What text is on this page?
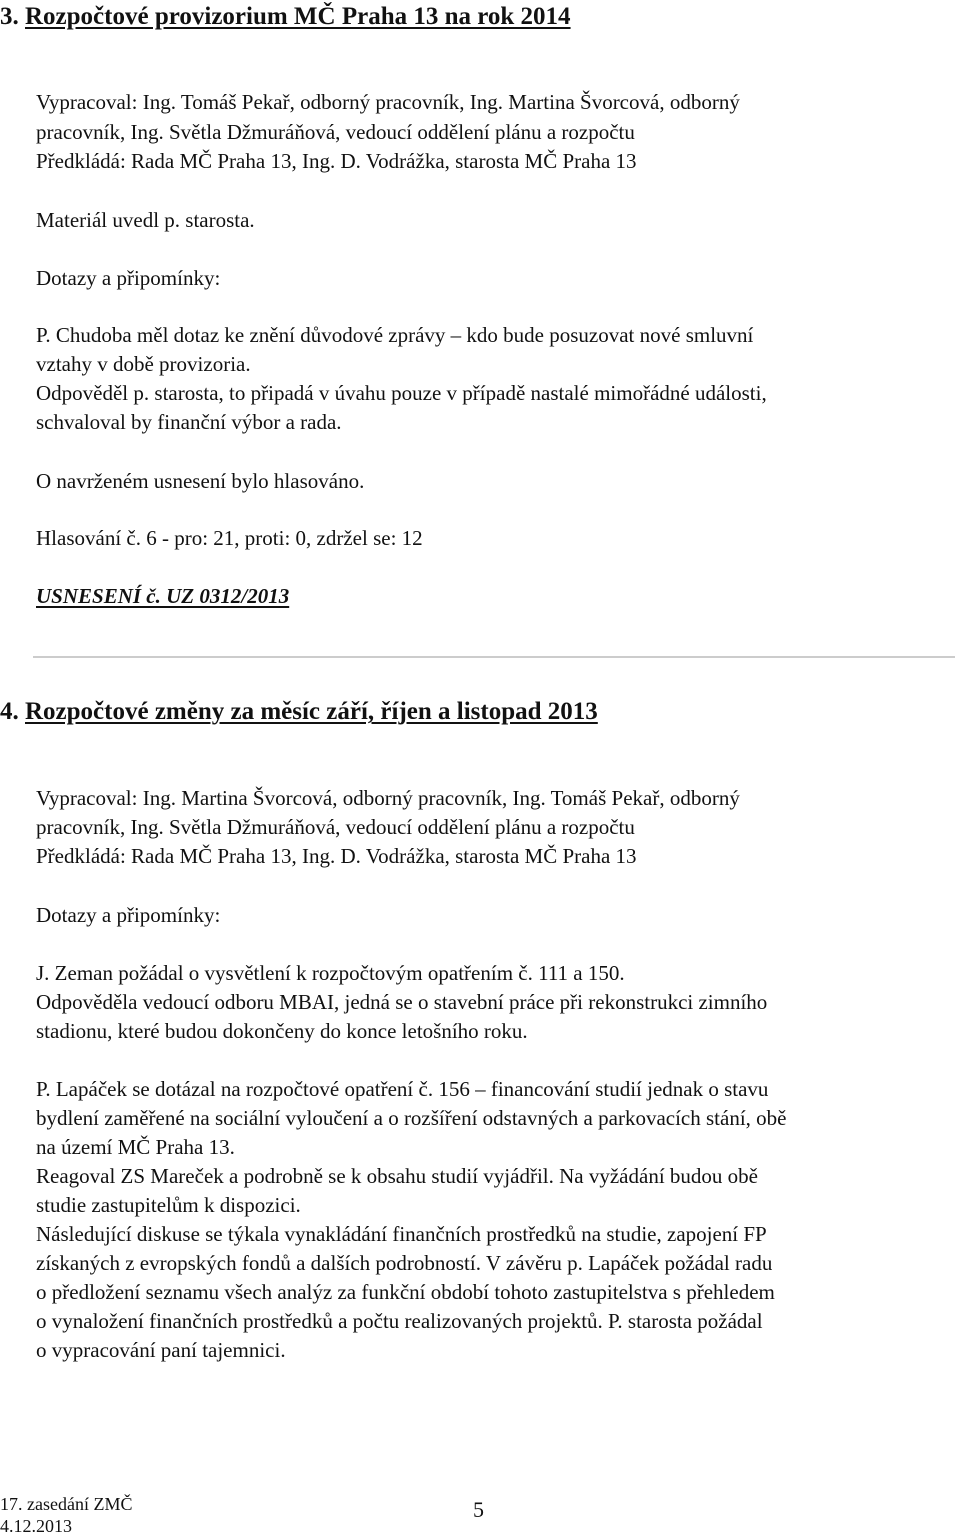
3. Rozpočtové provizorium MČ Praha 13 na rok 2014
Vypracoval: Ing. Tomáš Pekař, odborný pracovník, Ing. Martina Švorcová, odborný
pracovník, Ing. Světla Džmuráňová, vedoucí oddělení plánu a rozpočtu
Předkládá: Rada MČ Praha 13, Ing. D. Vodrážka, starosta MČ Praha 13
Materiál uvedl p. starosta.
Dotazy a připomínky:
P. Chudoba měl dotaz ke znění důvodové zprávy – kdo bude posuzovat nové smluvní
vztahy v době provizoria.
Odpověděl p. starosta, to připadá v úvahu pouze v případě nastalé mimořádné události,
schvaloval by finanční výbor a rada.
O navrženém usnesení bylo hlasováno.
Hlasování č. 6 - pro: 21, proti: 0, zdržel se: 12
USNESENÍ č. UZ 0312/2013
4. Rozpočtové změny za měsíc září, říjen a listopad 2013
Vypracoval: Ing. Martina Švorcová, odborný pracovník, Ing. Tomáš Pekař, odborný
pracovník, Ing. Světla Džmuráňová, vedoucí oddělení plánu a rozpočtu
Předkládá: Rada MČ Praha 13, Ing. D. Vodrážka, starosta MČ Praha 13
Dotazy a připomínky:
J. Zeman požádal o vysvětlení k rozpočtovým opatřením č. 111 a 150.
Odpověděla vedoucí odboru MBAI, jedná se o stavební práce při rekonstrukci zimního
stadionu, které budou dokončeny do konce letošního roku.
P. Lapáček se dotázal na rozpočtové opatření č. 156 – financování studií jednak o stavu
bydlení zaměřené na sociální vyloučení a o rozšíření odstavných a parkovacích stání, obě
na území MČ Praha 13.
Reagoval ZS Mareček a podrobně se k obsahu studií vyjádřil. Na vyžádání budou obě
studie zastupitelům k dispozici.
Následující diskuse se týkala vynakládání finančních prostředků na studie, zapojení FP
získaných z evropských fondů a dalších podrobností. V závěru p. Lapáček požádal radu
o předložení seznamu všech analýz za funkční období tohoto zastupitelstva s přehledem
o vynaložení finančních prostředků a počtu realizovaných projektů. P. starosta požádal
o vypracování paní tajemnici.
17. zasedání ZMČ
4.12.2013
5
